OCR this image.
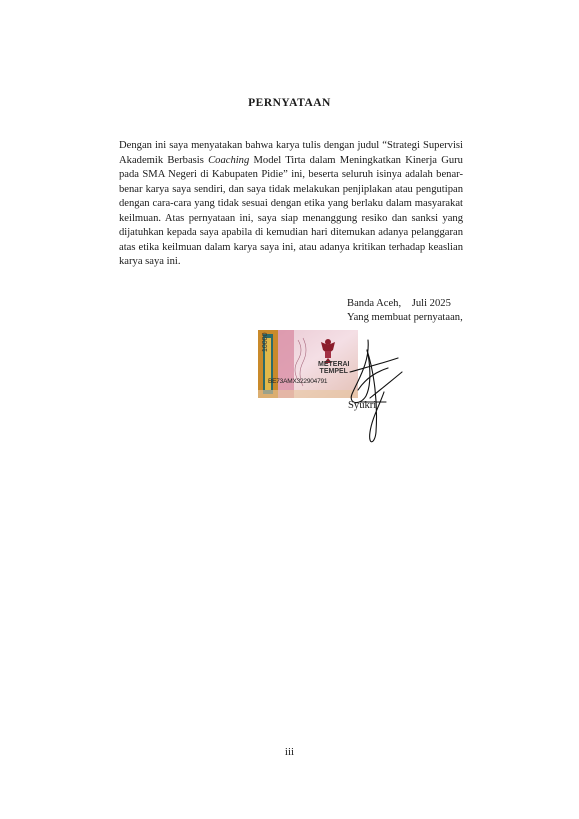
PERNYATAAN
Dengan ini saya menyatakan bahwa karya tulis dengan judul “Strategi Supervisi Akademik Berbasis Coaching Model Tirta dalam Meningkatkan Kinerja Guru pada SMA Negeri di Kabupaten Pidie” ini, beserta seluruh isinya adalah benar-benar karya saya sendiri, dan saya tidak melakukan penjiplakan atau pengutipan dengan cara-cara yang tidak sesuai dengan etika yang berlaku dalam masyarakat keilmuan. Atas pernyataan ini, saya siap menanggung resiko dan sanksi yang dijatuhkan kepada saya apabila di kemudian hari ditemukan adanya pelanggaran atas etika keilmuan dalam karya saya ini, atau adanya kritikan terhadap keaslian karya saya ini.
Banda Aceh,    Juli 2025
Yang membuat pernyataan,
10000
METERAI
TEMPEL
BE73AMX322904791
Syukri
iii
